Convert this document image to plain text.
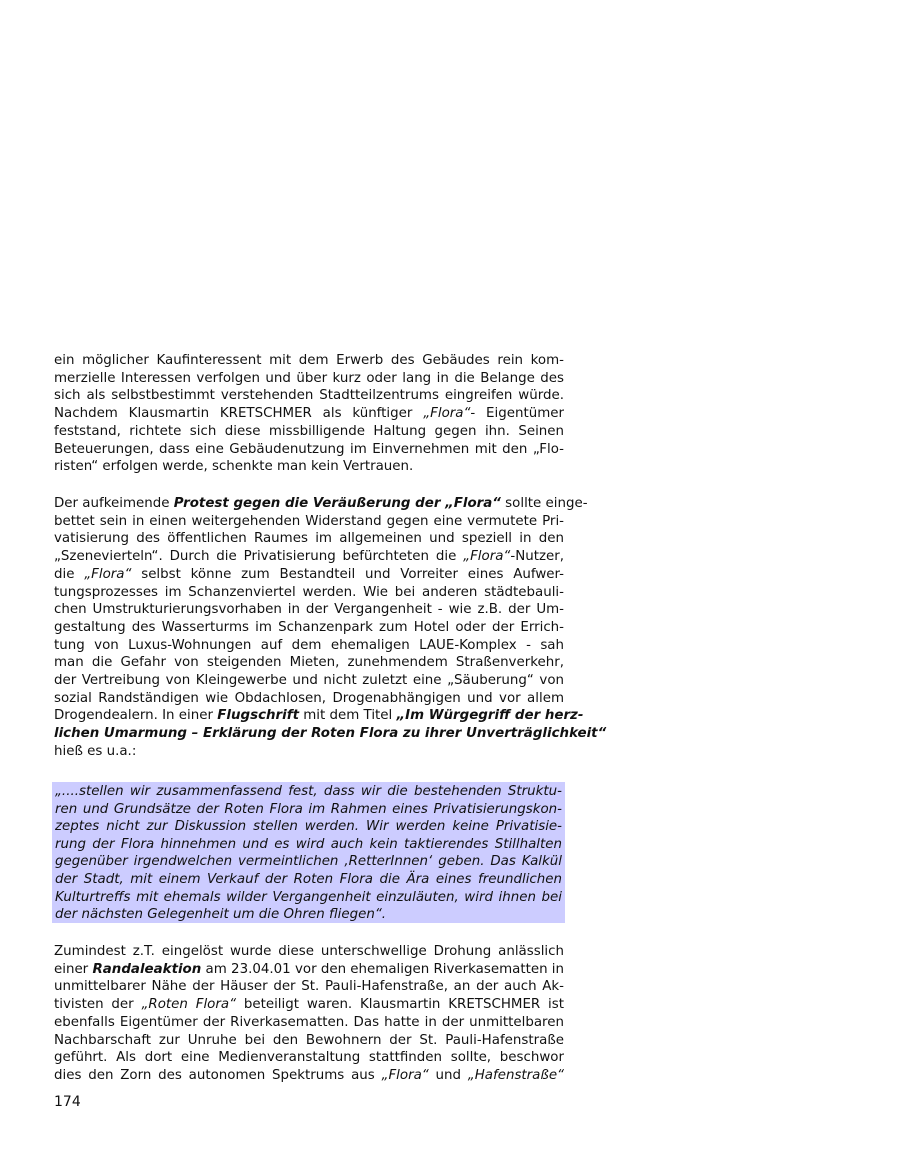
ein möglicher Kaufinteressent mit dem Erwerb des Gebäudes rein kom-

merzielle Interessen verfolgen und über kurz oder lang in die Belange des

sich als selbstbestimmt verstehenden Stadtteilzentrums eingreifen würde.

Nachdem Klausmartin KRETSCHMER als künftiger „Flora“- Eigentümer

feststand, richtete sich diese missbilligende Haltung gegen ihn. Seinen

Beteuerungen, dass eine Gebäudenutzung im Einvernehmen mit den „Flo-

risten“ erfolgen werde, schenkte man kein Vertrauen.

Der aufkeimende Protest gegen die Veräußerung der „Flora“ sollte einge-

bettet sein in einen weitergehenden Widerstand gegen eine vermutete Pri-

vatisierung des öffentlichen Raumes im allgemeinen und speziell in den

„Szenevierteln“. Durch die Privatisierung befürchteten die „Flora“-Nutzer,

die „Flora“ selbst könne zum Bestandteil und Vorreiter eines Aufwer-

tungsprozesses im Schanzenviertel werden. Wie bei anderen städtebauli-

chen Umstrukturierungsvorhaben in der Vergangenheit - wie z.B. der Um-

gestaltung des Wasserturms im Schanzenpark zum Hotel oder der Errich-

tung von Luxus-Wohnungen auf dem ehemaligen LAUE-Komplex - sah

man die Gefahr von steigenden Mieten, zunehmendem Straßenverkehr,

der Vertreibung von Kleingewerbe und nicht zuletzt eine „Säuberung“ von

sozial Randständigen wie Obdachlosen, Drogenabhängigen und vor allem

Drogendealern. In einer Flugschrift mit dem Titel „Im Würgegriff der herz-

lichen Umarmung – Erklärung der Roten Flora zu ihrer Unverträglichkeit“

hieß es u.a.:

„....stellen wir zusammenfassend fest, dass wir die bestehenden Struktu-

ren und Grundsätze der Roten Flora im Rahmen eines Privatisierungskon-

zeptes nicht zur Diskussion stellen werden. Wir werden keine Privatisie-

rung der Flora hinnehmen und es wird auch kein taktierendes Stillhalten

gegenüber irgendwelchen vermeintlichen ‚RetterInnen‘ geben. Das Kalkül

der Stadt, mit einem Verkauf der Roten Flora die Ära eines freundlichen

Kulturtreffs mit ehemals wilder Vergangenheit einzuläuten, wird ihnen bei

der nächsten Gelegenheit um die Ohren fliegen“.

Zumindest z.T. eingelöst wurde diese unterschwellige Drohung anlässlich

einer Randaleaktion am 23.04.01 vor den ehemaligen Riverkasematten in

unmittelbarer Nähe der Häuser der St. Pauli-Hafenstraße, an der auch Ak-

tivisten der „Roten Flora“ beteiligt waren. Klausmartin KRETSCHMER ist

ebenfalls Eigentümer der Riverkasematten. Das hatte in der unmittelbaren

Nachbarschaft zur Unruhe bei den Bewohnern der St. Pauli-Hafenstraße

geführt. Als dort eine Medienveranstaltung stattfinden sollte, beschwor

dies den Zorn des autonomen Spektrums aus „Flora“ und „Hafenstraße“

174
